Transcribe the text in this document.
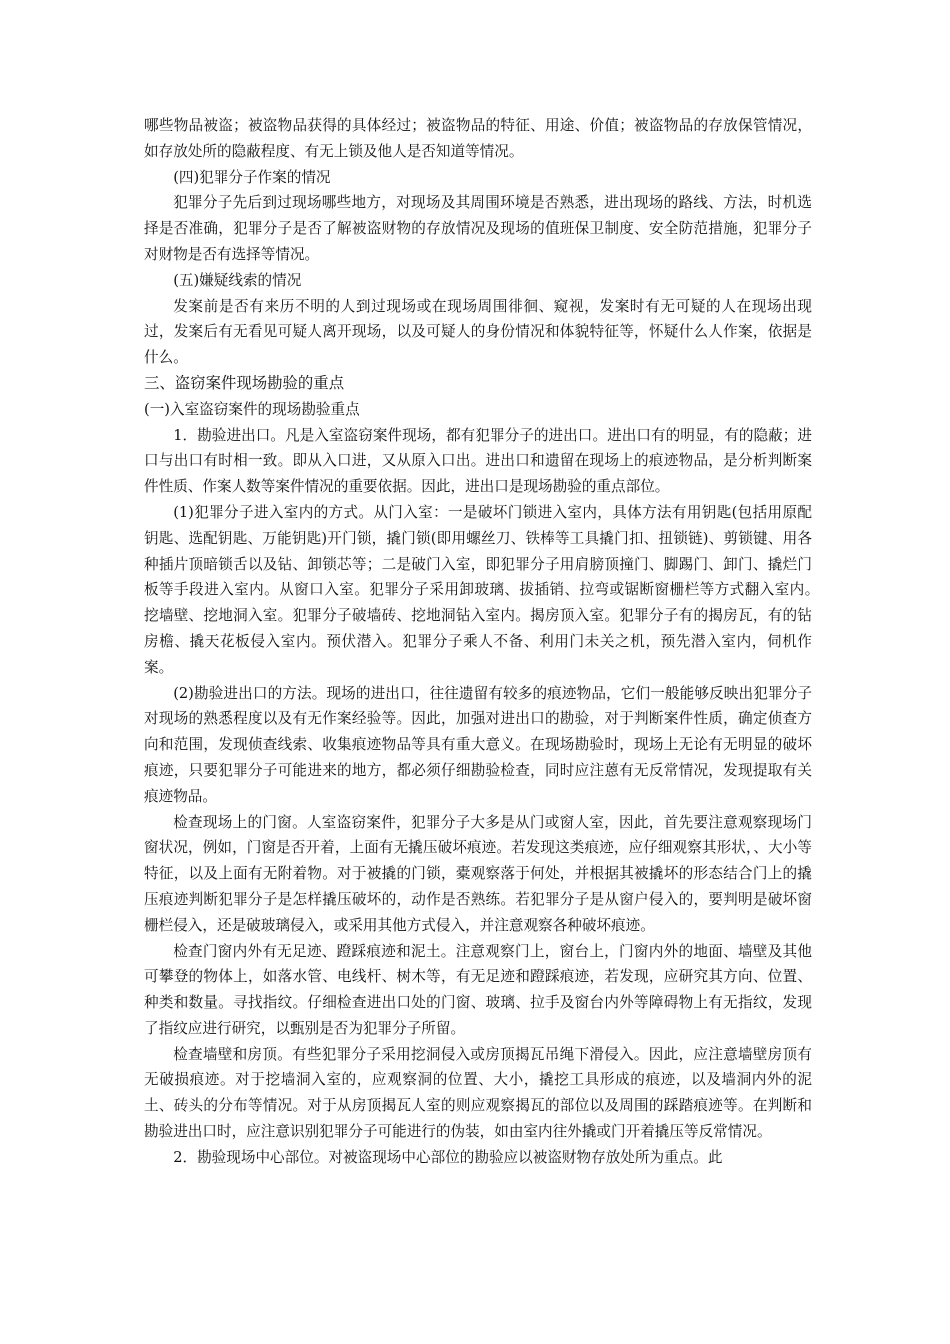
哪些物品被盗；被盗物品获得的具体经过；被盗物品的特征、用途、价值；被盗物品的存放保管情况，如存放处所的隐蔽程度、有无上锁及他人是否知道等情况。

(四)犯罪分子作案的情况

犯罪分子先后到过现场哪些地方，对现场及其周围环境是否熟悉，进出现场的路线、方法，时机选择是否准确，犯罪分子是否了解被盗财物的存放情况及现场的值班保卫制度、安全防范措施，犯罪分子对财物是否有选择等情况。

(五)嫌疑线索的情况

发案前是否有来历不明的人到过现场或在现场周围徘徊、窥视，发案时有无可疑的人在现场出现过，发案后有无看见可疑人离开现场，以及可疑人的身份情况和体貌特征等，怀疑什么人作案，依据是什么。

三、盗窃案件现场勘验的重点

(一)入室盗窃案件的现场勘验重点

1．勘验进出口。凡是入室盗窃案件现场，都有犯罪分子的进出口。进出口有的明显，有的隐蔽；进口与出口有时相一致。即从入口进，又从原入口出。进出口和遗留在现场上的痕迹物品，是分析判断案件性质、作案人数等案件情况的重要依据。因此，进出口是现场勘验的重点部位。

(1)犯罪分子进入室内的方式。从门入室：一是破坏门锁进入室内，具体方法有用钥匙(包括用原配钥匙、选配钥匙、万能钥匙)开门锁，撬门锁(即用螺丝刀、铁棒等工具撬门扣、扭锁链)、剪锁键、用各种插片顶暗锁舌以及钻、卸锁芯等；二是破门入室，即犯罪分子用肩膀顶撞门、脚踢门、卸门、撬烂门板等手段进入室内。从窗口入室。犯罪分子采用卸玻璃、拔插销、拉弯或锯断窗栅栏等方式翻入室内。　　挖墙壁、挖地洞入室。犯罪分子破墙砖、挖地洞钻入室内。揭房顶入室。犯罪分子有的揭房瓦，有的钻房檐、撬天花板侵入室内。预伏潜入。犯罪分子乘人不备、利用门未关之机，预先潜入室内，伺机作案。

(2)勘验进出口的方法。现场的进出口，往往遗留有较多的痕迹物品，它们一般能够反映出犯罪分子对现场的熟悉程度以及有无作案经验等。因此，加强对进出口的勘验，对于判断案件性质，确定侦查方向和范围，发现侦查线索、收集痕迹物品等具有重大意义。在现场勘验时，现场上无论有无明显的破坏痕迹，只要犯罪分子可能进来的地方，都必须仔细勘验检查，同时应注蒽有无反常情况，发现提取有关痕迹物品。

检查现场上的门窗。人室盗窃案件，犯罪分子大多是从门或窗人室，因此，首先要注意观察现场门窗状况，例如，门窗是否开着，上面有无撬压破坏痕迹。若发现这类痕迹，应仔细观察其形状，、大小等特征，以及上面有无附着物。对于被撬的门锁，橐观察落于何处，并根据其被撬坏的形态结合门上的撬压痕迹判断犯罪分子是怎样撬压破坏的，动作是否熟练。若犯罪分子是从窗户侵入的，要判明是破坏窗栅栏侵入，还是破玻璃侵入，或采用其他方式侵入，并注意观察各种破坏痕迹。

检查门窗内外有无足迹、蹬踩痕迹和泥土。注意观察门上，窗台上，门窗内外的地面、墙壁及其他可攀登的物体上，如落水管、电线杆、树木等，有无足迹和蹬踩痕迹，若发现，应研究其方向、位置、种类和数量。寻找指纹。仔细检查进出口处的门窗、玻璃、拉手及窗台内外等障碍物上有无指纹，发现了指纹应进行研究，以甄别是否为犯罪分子所留。

检查墙壁和房顶。有些犯罪分子采用挖洞侵入或房顶揭瓦吊绳下滑侵入。因此，应注意墙壁房顶有无破损痕迹。对于挖墙洞入室的，应观察洞的位置、大小，撬挖工具形成的痕迹，以及墙洞内外的泥土、砖头的分布等情况。对于从房顶揭瓦人室的则应观察揭瓦的部位以及周围的踩踏痕迹等。在判断和勘验进出口时，应注意识别犯罪分子可能进行的伪装，如由室内往外撬或门开着撬压等反常情况。

2．勘验现场中心部位。对被盗现场中心部位的勘验应以被盗财物存放处所为重点。此
